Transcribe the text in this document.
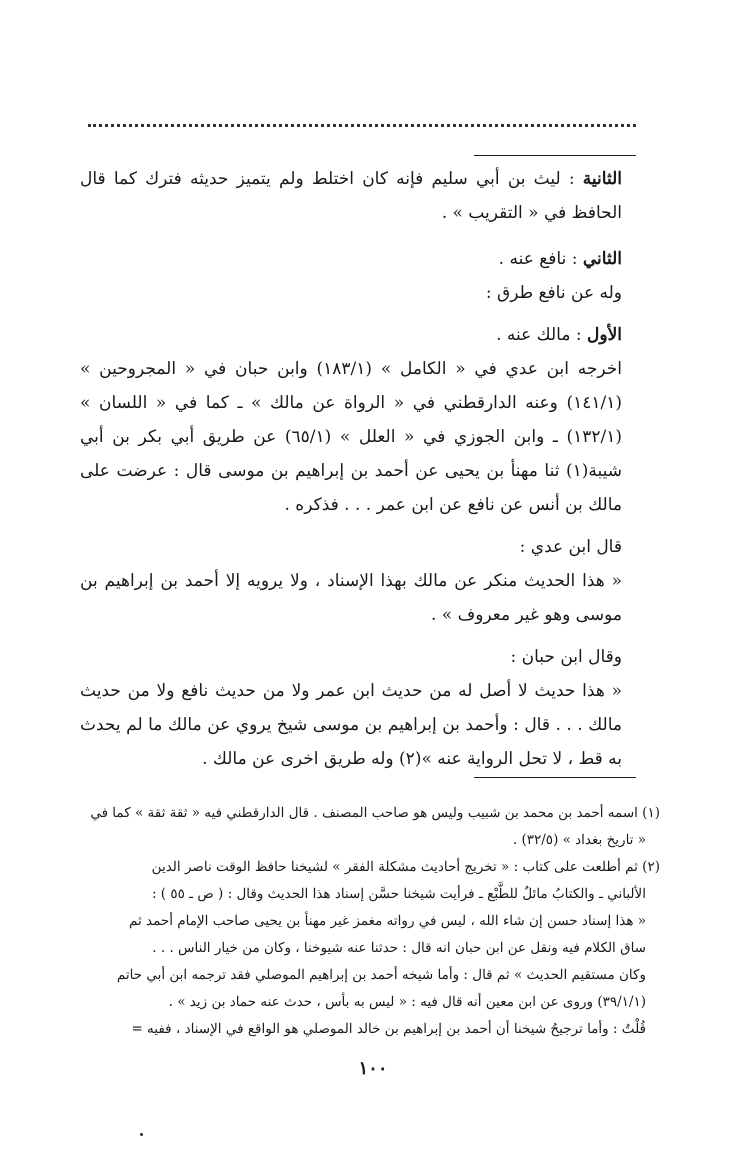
الثانية : ليث بن أبي سليم فإنه كان اختلط ولم يتميز حديثه فترك كما قال الحافظ في « التقريب » .

الثاني : نافع عنه .

وله عن نافع طرق :

الأول : مالك عنه .

اخرجه ابن عدي في « الكامل » (١٨٣/١) وابن حبان في « المجروحين » (١٤١/١) وعنه الدارقطني في « الرواة عن مالك » ـ كما في « اللسان » (١٣٢/١) ـ وابن الجوزي في « العلل » (٦٥/١) عن طريق أبي بكر بن أبي شيبة(١) ثنا مهنأ بن يحيى عن أحمد بن إبراهيم بن موسى قال : عرضت على مالك بن أنس عن نافع عن ابن عمر . . . فذكره .

قال ابن عدي :

« هذا الحديث منكر عن مالك بهذا الإسناد ، ولا يرويه إلا أحمد بن إبراهيم بن موسى وهو غير معروف » .

وقال ابن حبان :

« هذا حديث لا أصل له من حديث ابن عمر ولا من حديث نافع ولا من حديث مالك . . . قال : وأحمد بن إبراهيم بن موسى شيخ يروي عن مالك ما لم يحدث به قط ، لا تحل الرواية عنه »(٢) وله طريق اخرى عن مالك .

(١) اسمه أحمد بن محمد بن شبيب وليس هو صاحب المصنف . قال الدارقطني فيه « ثقة ثقة » كما في

« تاريخ بغداد » (٣٢/٥) .

(٢) ثم أطلعت على كتاب : « تخريج أحاديث مشكلة الفقر » لشيخنا حافظ الوقت ناصر الدين

الألباني ـ والكتابُ مائلٌ للطَّبْع ـ فرأيت شيخنا حسَّن إسناد هذا الحديث وقال : ( ص ـ ٥٥ ) :

« هذا إسناد حسن إن شاء الله ، ليس في رواته مغمز غير مهنأ بن يحيى صاحب الإمام أحمد ثم

ساق الكلام فيه ونقل عن ابن حبان انه قال : حدثنا عنه شيوخنا ، وكان من خيار الناس . . .

وكان مستقيم الحديث » ثم قال : وأما شيخه أحمد بن إبراهيم الموصلي فقد ترجمه ابن أبي حاتم

(٣٩/١/١) وروى عن ابن معين أنه قال فيه : « ليس به بأس ، حدث عنه حماد بن زيد » .

قُلْتُ : وأما ترجيحُ شيخنا أن أحمد بن إبراهيم بن خالد الموصلي هو الواقع في الإسناد ، ففيه =

١٠٠
